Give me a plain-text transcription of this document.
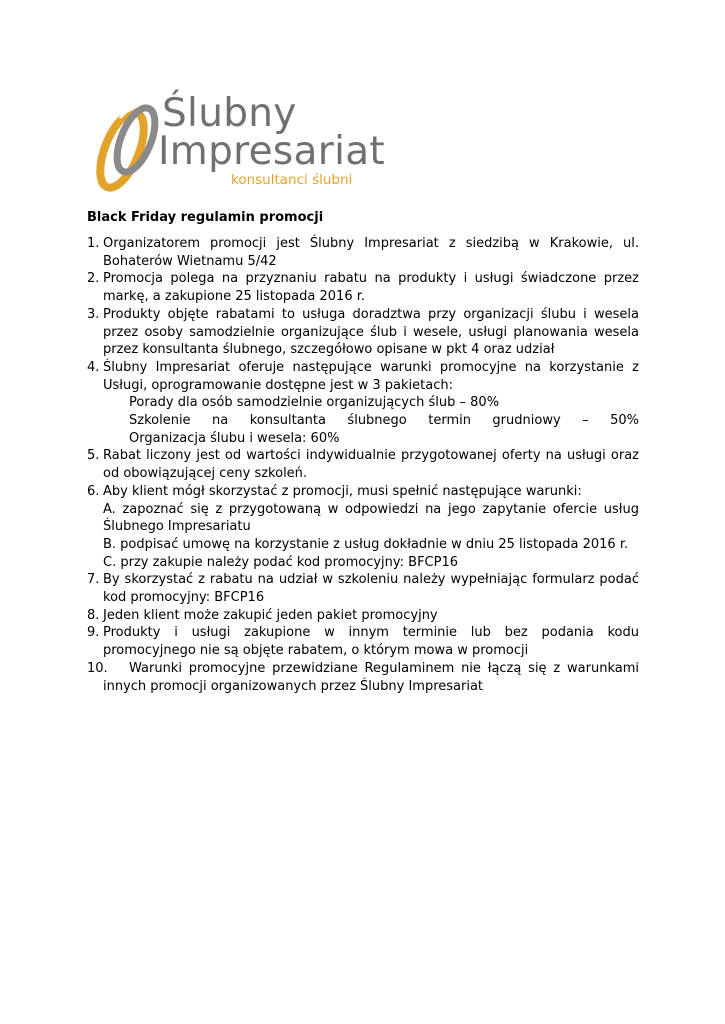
Ślubny
Impresariat
konsultanci ślubni
Black Friday regulamin promocji
1. Organizatorem promocji jest Ślubny Impresariat z siedzibą w Krakowie, ul. Bohaterów Wietnamu 5/42
2. Promocja polega na przyznaniu rabatu na produkty i usługi świadczone przez markę, a zakupione 25 listopada 2016 r.
3. Produkty objęte rabatami to usługa doradztwa przy organizacji ślubu i wesela przez osoby samodzielnie organizujące ślub i wesele, usługi planowania wesela przez konsultanta ślubnego, szczegółowo opisane w pkt 4 oraz udział
4. Ślubny Impresariat oferuje następujące warunki promocyjne na korzystanie z Usługi, oprogramowanie dostępne jest w 3 pakietach:
Porady dla osób samodzielnie organizujących ślub – 80%
Szkolenie na konsultanta ślubnego termin grudniowy – 50%
Organizacja ślubu i wesela: 60%
5. Rabat liczony jest od wartości indywidualnie przygotowanej oferty na usługi oraz od obowiązującej ceny szkoleń.
6. Aby klient mógł skorzystać z promocji, musi spełnić następujące warunki:
A. zapoznać się z przygotowaną w odpowiedzi na jego zapytanie ofercie usług Ślubnego Impresariatu
B. podpisać umowę na korzystanie z usług dokładnie w dniu 25 listopada 2016 r.
C. przy zakupie należy podać kod promocyjny: BFCP16
7. By skorzystać z rabatu na udział w szkoleniu należy wypełniając formularz podać kod promocyjny: BFCP16
8. Jeden klient może zakupić jeden pakiet promocyjny
9. Produkty i usługi zakupione w innym terminie lub bez podania kodu promocyjnego nie są objęte rabatem, o którym mowa w promocji
10. Warunki promocyjne przewidziane Regulaminem nie łączą się z warunkami innych promocji organizowanych przez Ślubny Impresariat
